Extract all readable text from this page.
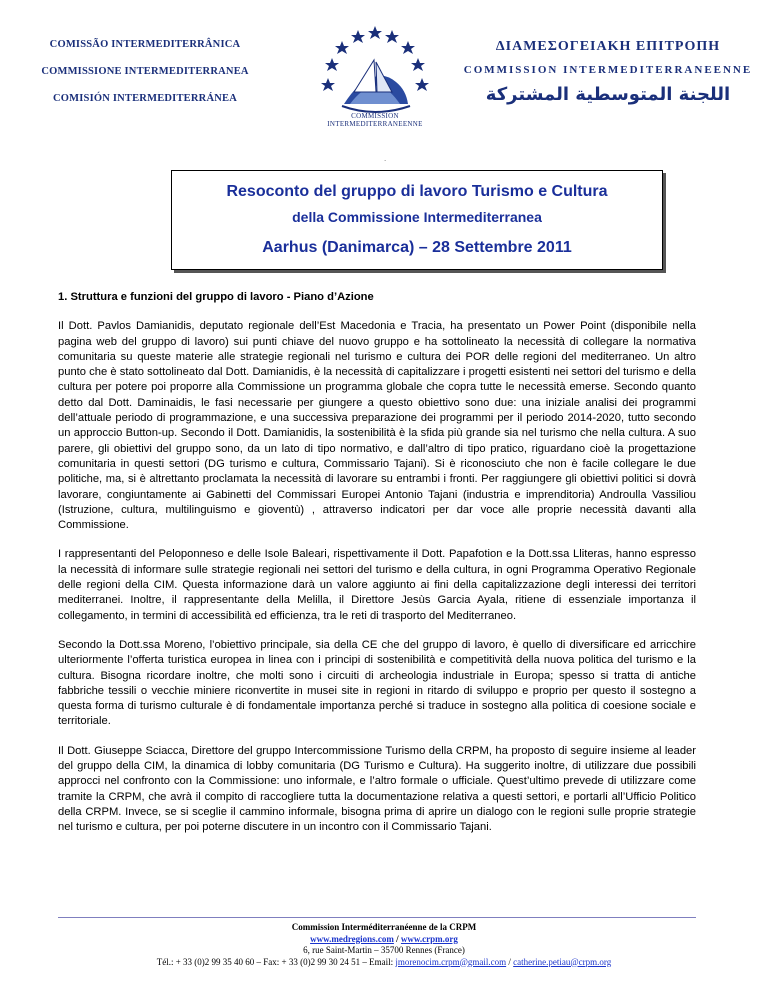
COMISSÃO INTERMEDITERRÂNICA
COMMISSIONE INTERMEDITERRANEA
COMISIÓN INTERMEDITERRÁNEA
COMMISSION
INTERMEDITERRANEENNE
ΔΙΑΜΕΣΟΓΕΙΑΚΗ ΕΠΙΤΡΟΠΗ
COMMISSION INTERMEDITERRANEENNE
اللجنة المتوسطية المشتركة
.
Resoconto del gruppo di lavoro Turismo e Cultura
della Commissione Intermediterranea
Aarhus (Danimarca) – 28 Settembre 2011
1. Struttura e funzioni del gruppo di lavoro - Piano d’Azione

Il Dott. Pavlos Damianidis, deputato regionale dell’Est Macedonia e Tracia, ha presentato un Power Point (disponibile nella pagina web del gruppo di lavoro) sui punti chiave del nuovo gruppo e ha sottolineato la necessità di collegare la normativa comunitaria su queste materie alle strategie regionali nel turismo e cultura dei POR delle regioni del mediterraneo. Un altro punto che è stato sottolineato dal Dott. Damianidis, è la necessità di capitalizzare i progetti esistenti nei settori del turismo e della cultura per potere poi proporre alla Commissione un programma globale che copra tutte le necessità emerse. Secondo quanto detto dal Dott. Daminaidis, le fasi necessarie per giungere a questo obiettivo sono due: una iniziale analisi dei programmi dell’attuale periodo di programmazione, e una successiva preparazione dei programmi per il periodo 2014-2020, tutto secondo un approccio Button-up. Secondo il Dott. Damianidis, la sostenibilità è la sfida più grande sia nel turismo che nella cultura. A suo parere, gli obiettivi del gruppo sono, da un lato di tipo normativo, e dall’altro di tipo pratico, riguardano cioè la progettazione comunitaria in questi settori (DG turismo e cultura, Commissario Tajani). Si è riconosciuto che non è facile collegare le due politiche, ma, si è altrettanto proclamata la necessità di lavorare su entrambi i fronti. Per raggiungere gli obiettivi politici si dovrà lavorare, congiuntamente ai Gabinetti del Commissari Europei Antonio Tajani (industria e imprenditoria) Androulla Vassiliou (Istruzione, cultura, multilinguismo e gioventù) , attraverso indicatori per dar voce alle proprie necessità davanti alla Commissione.

I rappresentanti del Peloponneso e delle Isole Baleari, rispettivamente il Dott. Papafotion e la Dott.ssa Lliteras, hanno espresso la necessità di informare sulle strategie regionali nei settori del turismo e della cultura, in ogni Programma Operativo Regionale delle regioni della CIM. Questa informazione darà un valore aggiunto ai fini della capitalizzazione degli interessi dei territori mediterranei. Inoltre, il rappresentante della Melilla, il Direttore Jesùs Garcia Ayala, ritiene di essenziale importanza il collegamento, in termini di accessibilità ed efficienza, tra le reti di trasporto del Mediterraneo.

Secondo la Dott.ssa Moreno, l’obiettivo principale, sia della CE che del gruppo di lavoro, è quello di diversificare ed arricchire ulteriormente l’offerta turistica europea in linea con i principi di sostenibilità e competitività della nuova politica del turismo e la cultura. Bisogna ricordare inoltre, che molti sono i circuiti di archeologia industriale in Europa; spesso si tratta di antiche fabbriche tessili o vecchie miniere riconvertite in musei site in regioni in ritardo di sviluppo e proprio per questo il sostegno a questa forma di turismo culturale è di fondamentale importanza perché si traduce in sostegno alla politica di coesione sociale e territoriale.

Il Dott. Giuseppe Sciacca, Direttore del gruppo Intercommissione Turismo della CRPM, ha proposto di seguire insieme al leader del gruppo della CIM, la dinamica di lobby comunitaria (DG Turismo e Cultura). Ha suggerito inoltre, di utilizzare due possibili approcci nel confronto con la Commissione: uno informale, e l’altro formale o ufficiale. Quest’ultimo prevede di utilizzare come tramite la CRPM, che avrà il compito di raccogliere tutta la documentazione relativa a questi settori, e portarli all’Ufficio Politico della CRPM. Invece, se si sceglie il cammino informale, bisogna prima di aprire un dialogo con le regioni sulle proprie strategie nel turismo e cultura, per poi poterne discutere in un incontro con il Commissario Tajani.

Commission Interméditerranéenne de la CRPM
www.medregions.com / www.crpm.org
6, rue Saint-Martin – 35700 Rennes (France)
Tél.: + 33 (0)2 99 35 40 60 – Fax: + 33 (0)2 99 30 24 51 – Email: jmorenocim.crpm@gmail.com / catherine.petiau@crpm.org
